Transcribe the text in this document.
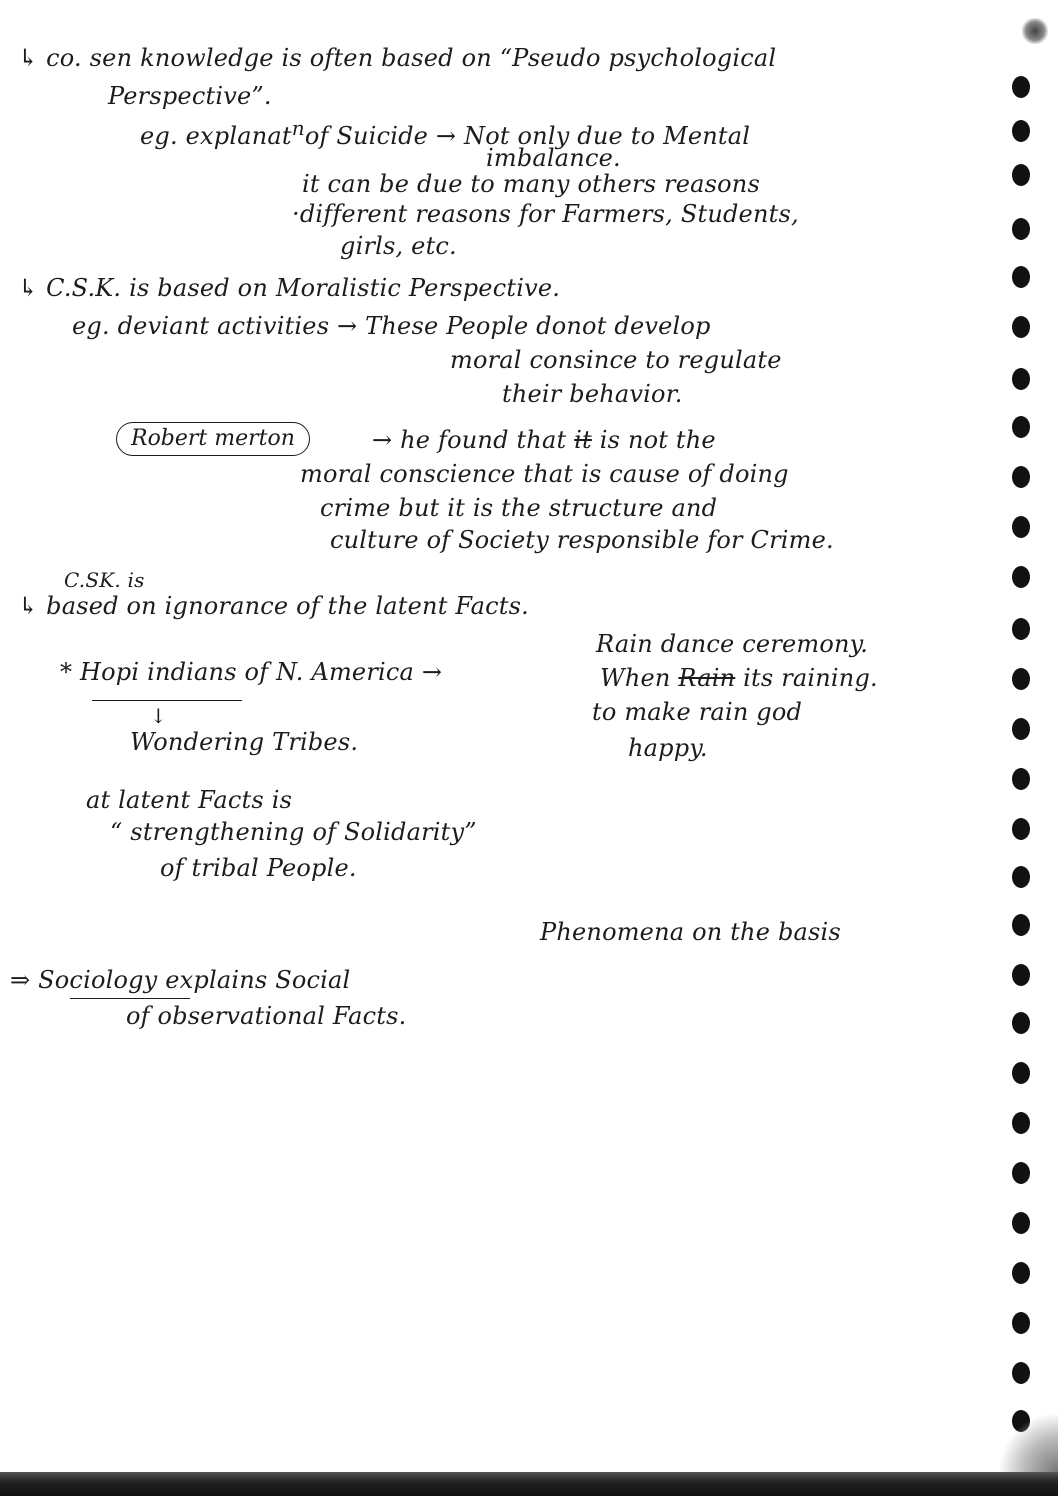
↳ co. sen knowledge is often based on “Pseudo psychological
Perspective”.
eg. explanat$^n$of Suicide → Not only due to Mental
imbalance.
it can be due to many others reasons
·different reasons for Farmers, Students,
girls, etc.
↳ C.S.K. is based on Moralistic Perspective.
eg. deviant activities → These People donot develop
moral consince to regulate
their behavior.
Robert merton	→ he found that it is not the
moral conscience that is cause of doing
crime but it is the structure and
culture of Society responsible for Crime.
C.SK. is
↳ based on ignorance of the latent Facts.
* Hopi indians of N. America →
↓
Wondering Tribes.
Rain dance ceremony.
When Rain its raining.
to make rain god
happy.
at latent Facts is
“ strengthening of Solidarity”
of tribal People.
Phenomena on the basis
⇒ Sociology explains Social
of observational Facts.
